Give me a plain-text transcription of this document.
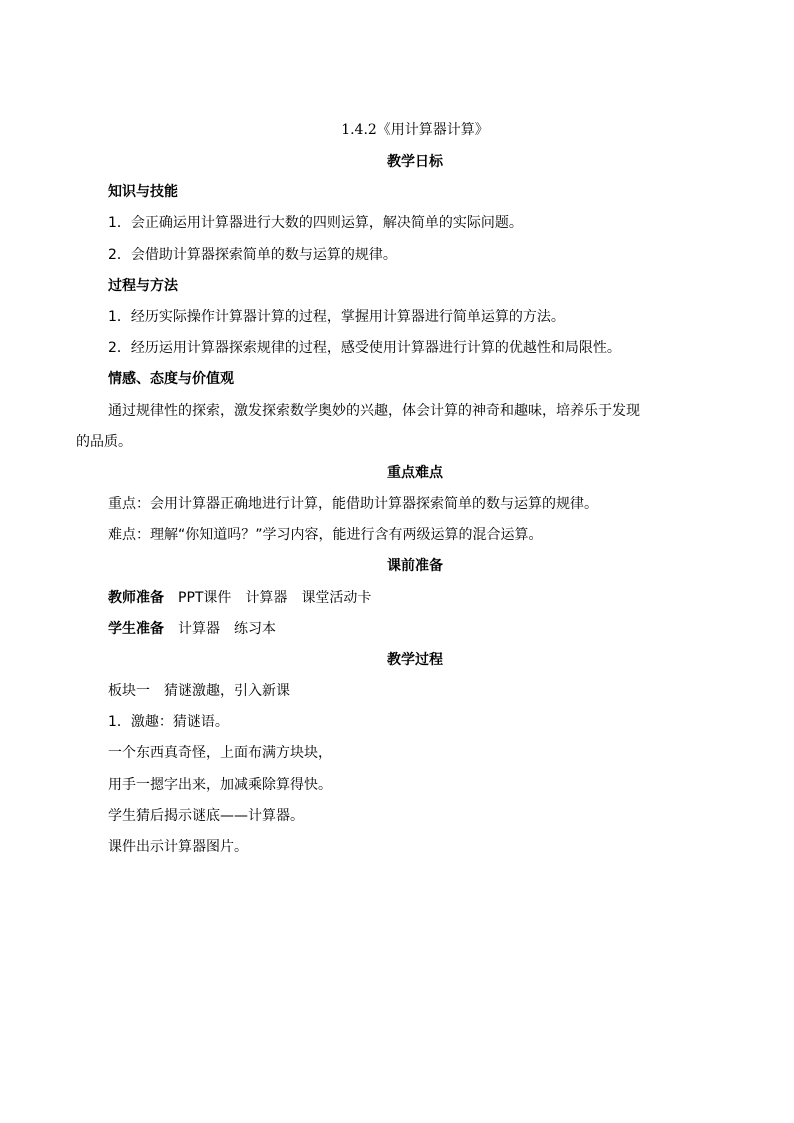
1.4.2《用计算器计算》
教学日标
知识与技能
1．会正确运用计算器进行大数的四则运算，解决简单的实际问题。
2．会借助计算器探索简单的数与运算的规律。
过程与方法
1．经历实际操作计算器计算的过程，掌握用计算器进行简单运算的方法。
2．经历运用计算器探索规律的过程，感受使用计算器进行计算的优越性和局限性。
情感、态度与价值观
通过规律性的探索，激发探索数学奥妙的兴趣，体会计算的神奇和趣味，培养乐于发现
的品质。
重点难点
重点：会用计算器正确地进行计算，能借助计算器探索简单的数与运算的规律。
难点：理解“你知道吗？”学习内容，能进行含有两级运算的混合运算。
课前准备
教师准备 PPT课件 计算器 课堂活动卡
学生准备 计算器 练习本
教学过程
板块一 猜谜激趣，引入新课
1．激趣：猜谜语。
一个东西真奇怪，上面布满方块块，
用手一摁字出来，加减乘除算得快。
学生猜后揭示谜底——计算器。
课件出示计算器图片。
